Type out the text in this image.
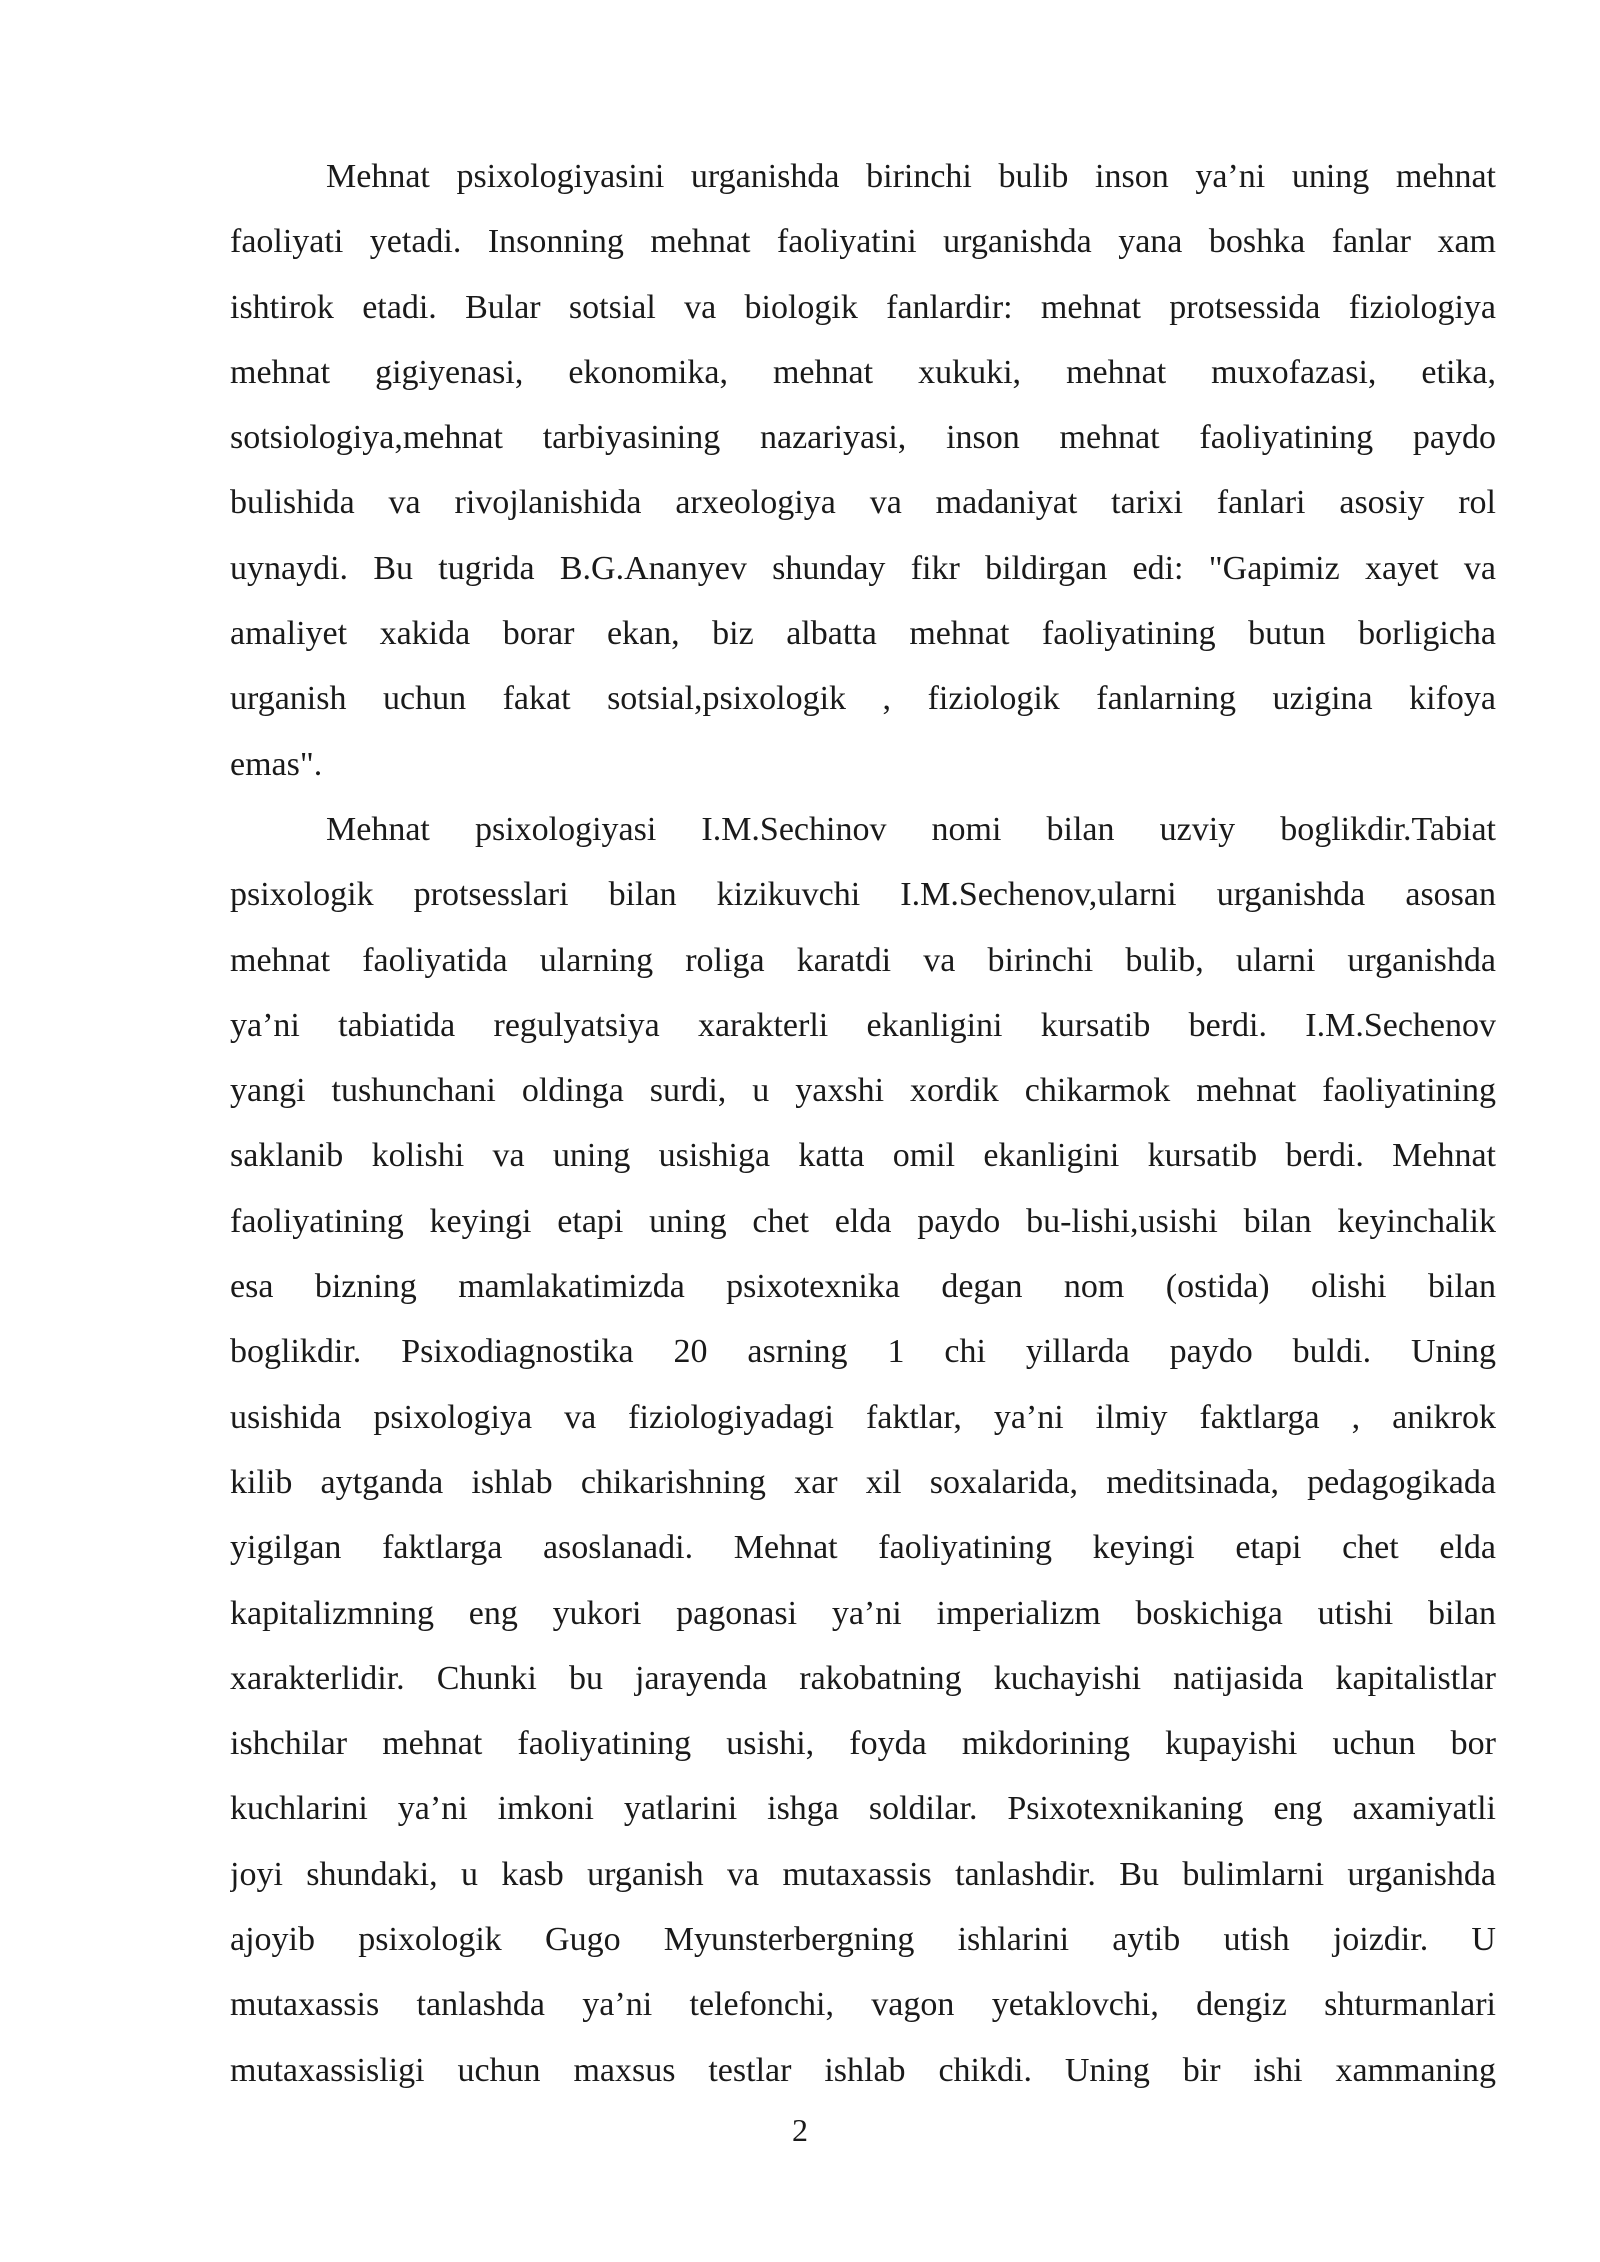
Mehnat psixologiyasini urganishda birinchi bulib inson ya’ni uning mehnat
faoliyati yetadi. Insonning mehnat faoliyatini urganishda yana boshka fanlar xam
ishtirok etadi. Bular sotsial va biologik fanlardir: mehnat protsessida fiziologiya
mehnat gigiyenasi, ekonomika, mehnat xukuki, mehnat muxofazasi, etika,
sotsiologiya,mehnat tarbiyasining nazariyasi, inson mehnat faoliyatining paydo
bulishida va rivojlanishida arxeologiya va madaniyat tarixi fanlari asosiy rol
uynaydi. Bu tugrida B.G.Ananyev shunday fikr bildirgan edi: "Gapimiz xayet va
amaliyet xakida borar ekan, biz albatta mehnat faoliyatining butun borligicha
urganish uchun fakat sotsial,psixologik , fiziologik fanlarning uzigina kifoya
emas".
Mehnat psixologiyasi I.M.Sechinov nomi bilan uzviy boglikdir.Tabiat
psixologik protsesslari bilan kizikuvchi I.M.Sechenov,ularni urganishda asosan
mehnat faoliyatida ularning roliga karatdi va birinchi bulib, ularni urganishda
ya’ni tabiatida regulyatsiya xarakterli ekanligini kursatib berdi. I.M.Sechenov
yangi tushunchani oldinga surdi, u yaxshi xordik chikarmok mehnat faoliyatining
saklanib kolishi va uning usishiga katta omil ekanligini kursatib berdi. Mehnat
faoliyatining keyingi etapi uning chet elda paydo bu-lishi,usishi bilan keyinchalik
esa bizning mamlakatimizda psixotexnika degan nom (ostida) olishi bilan
boglikdir. Psixodiagnostika 20 asrning 1 chi yillarda paydo buldi. Uning
usishida psixologiya va fiziologiyadagi faktlar, ya’ni ilmiy faktlarga , anikrok
kilib aytganda ishlab chikarishning xar xil soxalarida, meditsinada, pedagogikada
yigilgan faktlarga asoslanadi. Mehnat faoliyatining keyingi etapi chet elda
kapitalizmning eng yukori pagonasi ya’ni imperializm boskichiga utishi bilan
xarakterlidir. Chunki bu jarayenda rakobatning kuchayishi natijasida kapitalistlar
ishchilar mehnat faoliyatining usishi, foyda mikdorining kupayishi uchun bor
kuchlarini ya’ni imkoni yatlarini ishga soldilar. Psixotexnikaning eng axamiyatli
joyi shundaki, u kasb urganish va mutaxassis tanlashdir. Bu bulimlarni urganishda
ajoyib psixologik Gugo Myunsterbergning ishlarini aytib utish joizdir. U
mutaxassis tanlashda ya’ni telefonchi, vagon yetaklovchi, dengiz shturmanlari
mutaxassisligi uchun maxsus testlar ishlab chikdi. Uning bir ishi xammaning
2
